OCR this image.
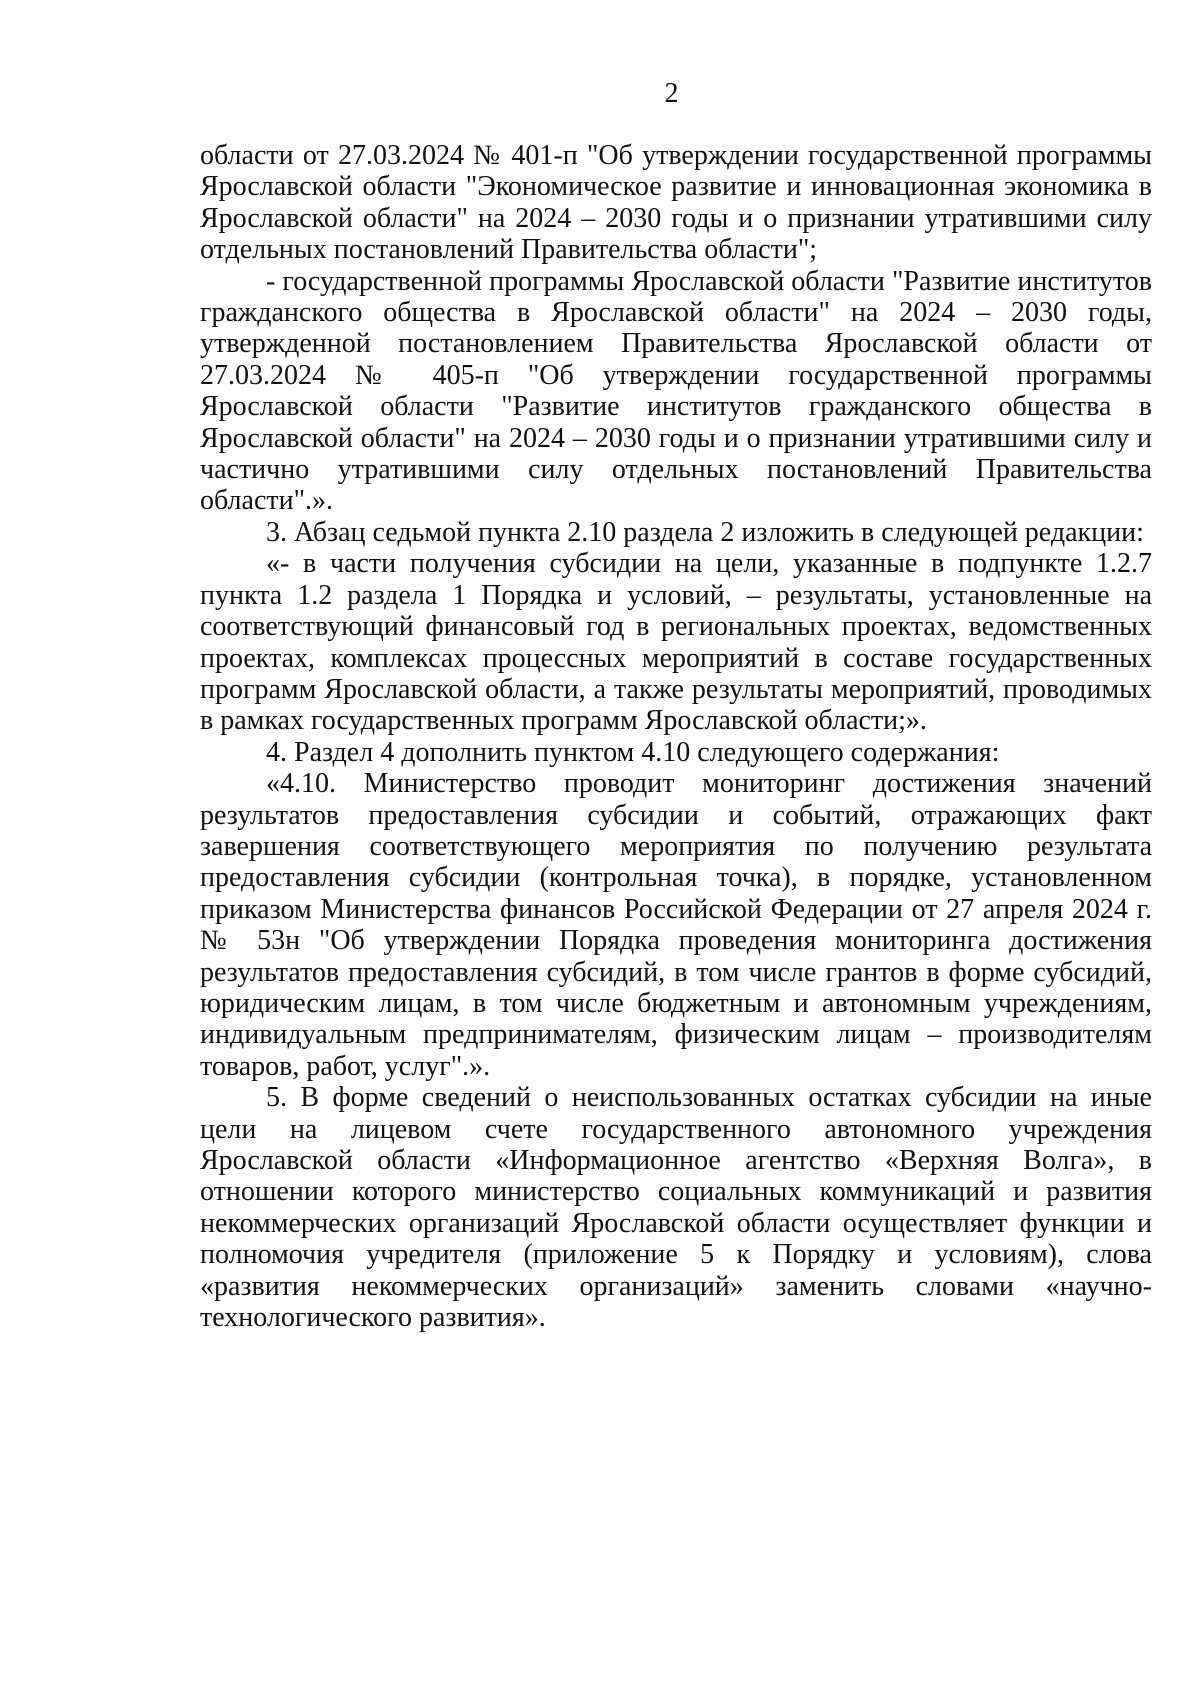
2

области от 27.03.2024 № 401-п "Об утверждении государственной программы Ярославской области "Экономическое развитие и инновационная экономика в Ярославской области" на 2024 – 2030 годы и о признании утратившими силу отдельных постановлений Правительства области";

- государственной программы Ярославской области "Развитие институтов гражданского общества в Ярославской области" на 2024 – 2030 годы, утвержденной постановлением Правительства Ярославской области от 27.03.2024 № 405-п "Об утверждении государственной программы Ярославской области "Развитие институтов гражданского общества в Ярославской области" на 2024 – 2030 годы и о признании утратившими силу и частично утратившими силу отдельных постановлений Правительства области".».

3. Абзац седьмой пункта 2.10 раздела 2 изложить в следующей редакции:

«- в части получения субсидии на цели, указанные в подпункте 1.2.7 пункта 1.2 раздела 1 Порядка и условий, – результаты, установленные на соответствующий финансовый год в региональных проектах, ведомственных проектах, комплексах процессных мероприятий в составе государственных программ Ярославской области, а также результаты мероприятий, проводимых в рамках государственных программ Ярославской области;».

4. Раздел 4 дополнить пунктом 4.10 следующего содержания:

«4.10. Министерство проводит мониторинг достижения значений результатов предоставления субсидии и событий, отражающих факт завершения соответствующего мероприятия по получению результата предоставления субсидии (контрольная точка), в порядке, установленном приказом Министерства финансов Российской Федерации от 27 апреля 2024 г. № 53н "Об утверждении Порядка проведения мониторинга достижения результатов предоставления субсидий, в том числе грантов в форме субсидий, юридическим лицам, в том числе бюджетным и автономным учреждениям, индивидуальным предпринимателям, физическим лицам – производителям товаров, работ, услуг".».

5. В форме сведений о неиспользованных остатках субсидии на иные цели на лицевом счете государственного автономного учреждения Ярославской области «Информационное агентство «Верхняя Волга», в отношении которого министерство социальных коммуникаций и развития некоммерческих организаций Ярославской области осуществляет функции и полномочия учредителя (приложение 5 к Порядку и условиям), слова «развития некоммерческих организаций» заменить словами «научно-технологического развития».
